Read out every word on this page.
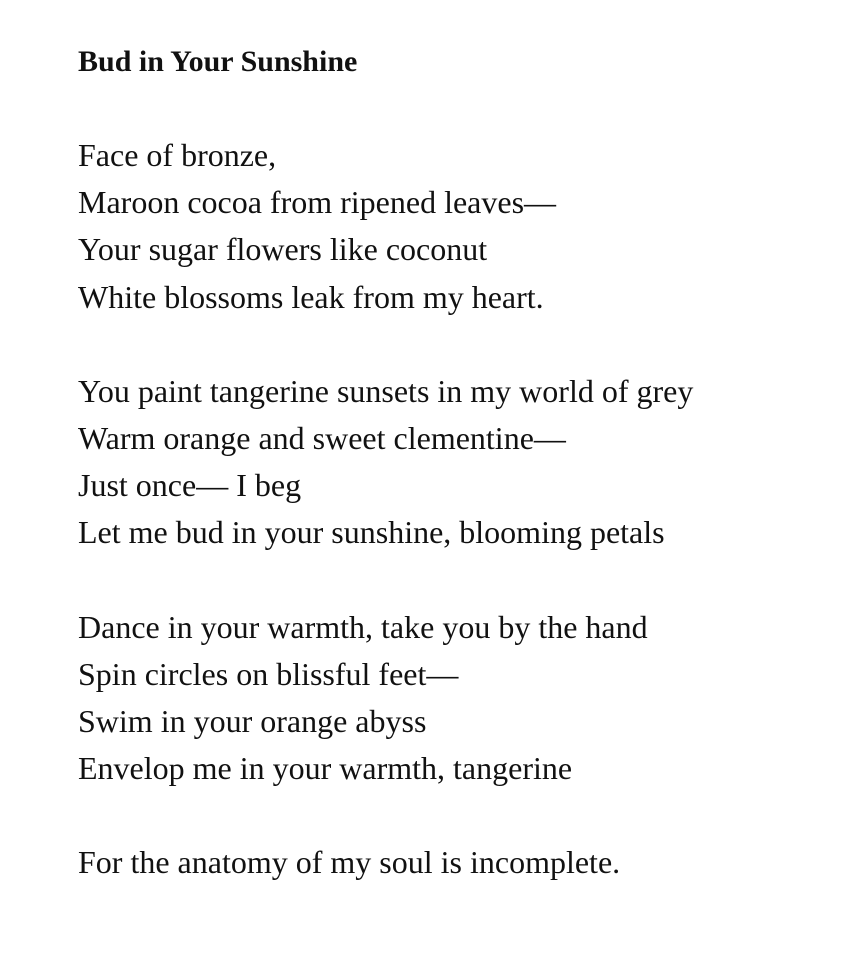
Bud in Your Sunshine
Face of bronze,
Maroon cocoa from ripened leaves—
Your sugar flowers like coconut
White blossoms leak from my heart.
You paint tangerine sunsets in my world of grey
Warm orange and sweet clementine—
Just once— I beg
Let me bud in your sunshine, blooming petals
Dance in your warmth, take you by the hand
Spin circles on blissful feet—
Swim in your orange abyss
Envelop me in your warmth, tangerine
For the anatomy of my soul is incomplete.
